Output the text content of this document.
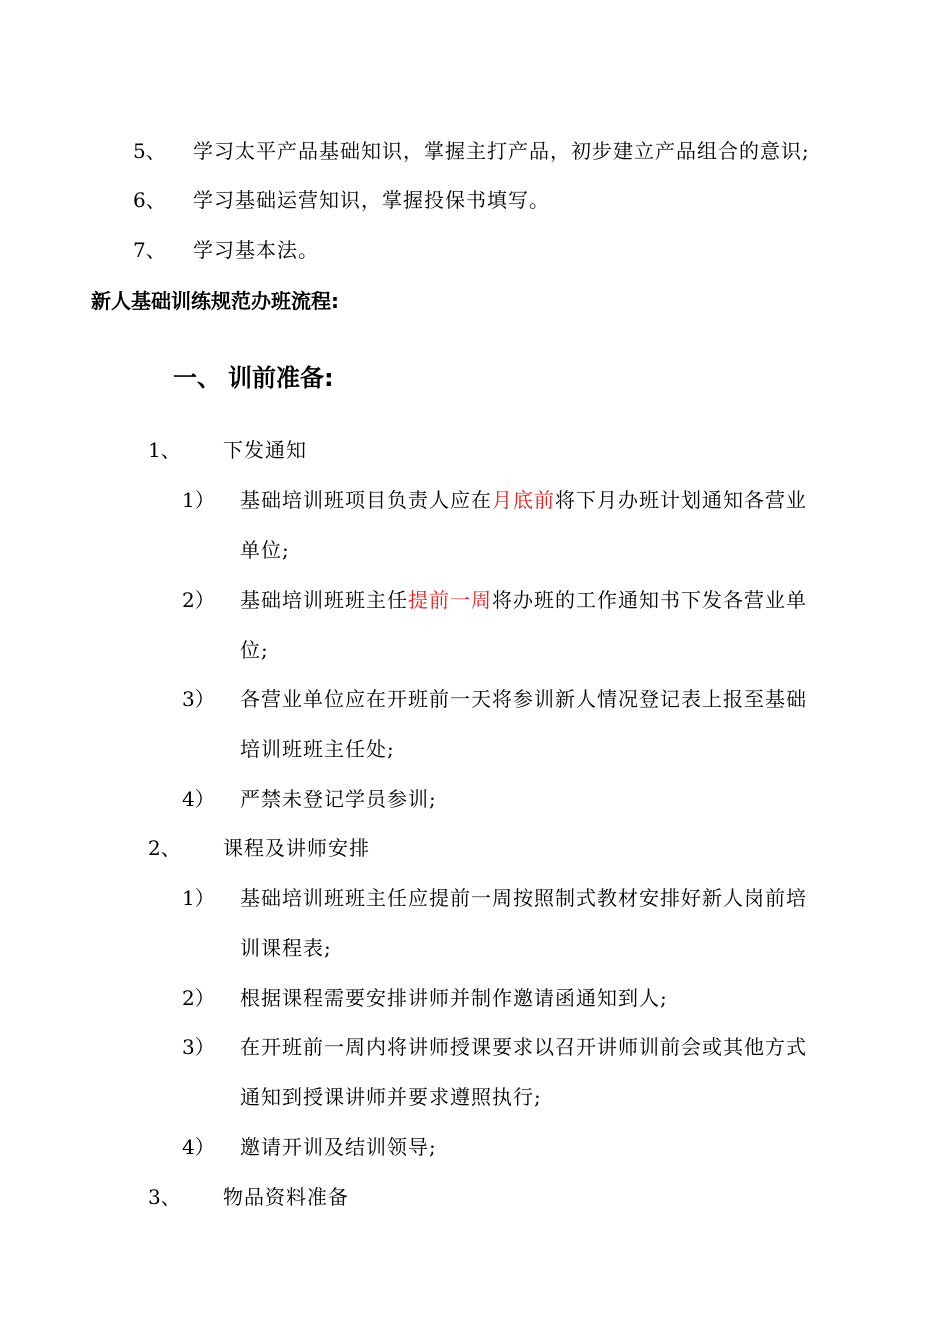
5、 学习太平产品基础知识，掌握主打产品，初步建立产品组合的意识;
6、 学习基础运营知识，掌握投保书填写。
7、 学习基本法。
新人基础训练规范办班流程:
一、 训前准备:
1、 下发通知
1） 基础培训班项目负责人应在月底前将下月办班计划通知各营业
单位;
2） 基础培训班班主任提前一周将办班的工作通知书下发各营业单
位;
3） 各营业单位应在开班前一天将参训新人情况登记表上报至基础
培训班班主任处;
4） 严禁未登记学员参训;
2、 课程及讲师安排
1） 基础培训班班主任应提前一周按照制式教材安排好新人岗前培
训课程表;
2） 根据课程需要安排讲师并制作邀请函通知到人;
3） 在开班前一周内将讲师授课要求以召开讲师训前会或其他方式
通知到授课讲师并要求遵照执行;
4） 邀请开训及结训领导;
3、 物品资料准备
